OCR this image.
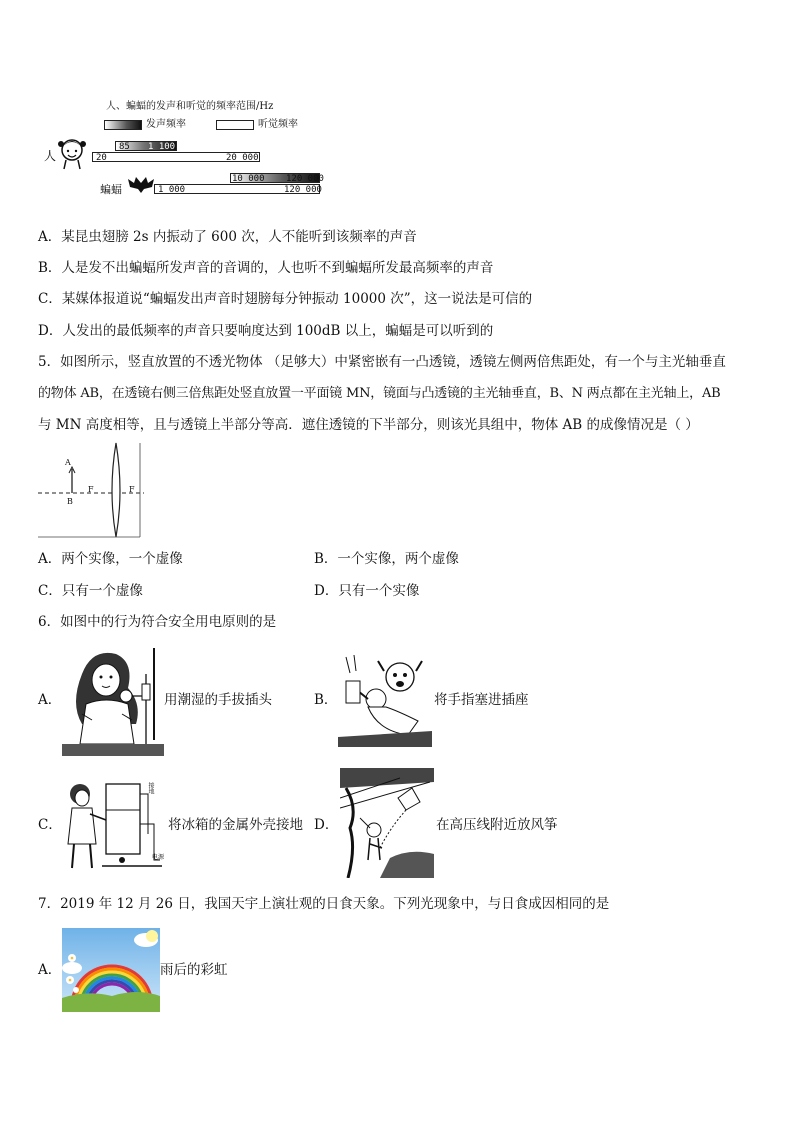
人、蝙蝠的发声和听觉的频率范围/Hz
发声频率	听觉频率
人
85 1 100
20	20 000
10 000 120 000
蝙蝠	1 000	120 000
A．某昆虫翅膀 2s 内振动了 600 次，人不能听到该频率的声音
B．人是发不出蝙蝠所发声音的音调的，人也听不到蝙蝠所发最高频率的声音
C．某媒体报道说“蝙蝠发出声音时翅膀每分钟振动 10000 次”，这一说法是可信的
D．人发出的最低频率的声音只要响度达到 100dB 以上，蝙蝠是可以听到的
5．如图所示，竖直放置的不透光物体 （足够大）中紧密嵌有一凸透镜，透镜左侧两倍焦距处，有一个与主光轴垂直
的物体 AB，在透镜右侧三倍焦距处竖直放置一平面镜 MN，镜面与凸透镜的主光轴垂直，B、N 两点都在主光轴上，AB
与 MN 高度相等，且与透镜上半部分等高．遮住透镜的下半部分，则该光具组中，物体 AB 的成像情况是（ ）
A
B
F	F
A．两个实像，一个虚像	B．一个实像，两个虚像
C．只有一个虚像	D．只有一个实像
6．如图中的行为符合安全用电原则的是
A．	用潮湿的手拔插头	B．	将手指塞进插座
C．
接地
电源
将冰箱的金属外壳接地 D．	在高压线附近放风筝
7．2019 年 12 月 26 日，我国天宇上演壮观的日食天象。下列光现象中，与日食成因相同的是
A．	雨后的彩虹
